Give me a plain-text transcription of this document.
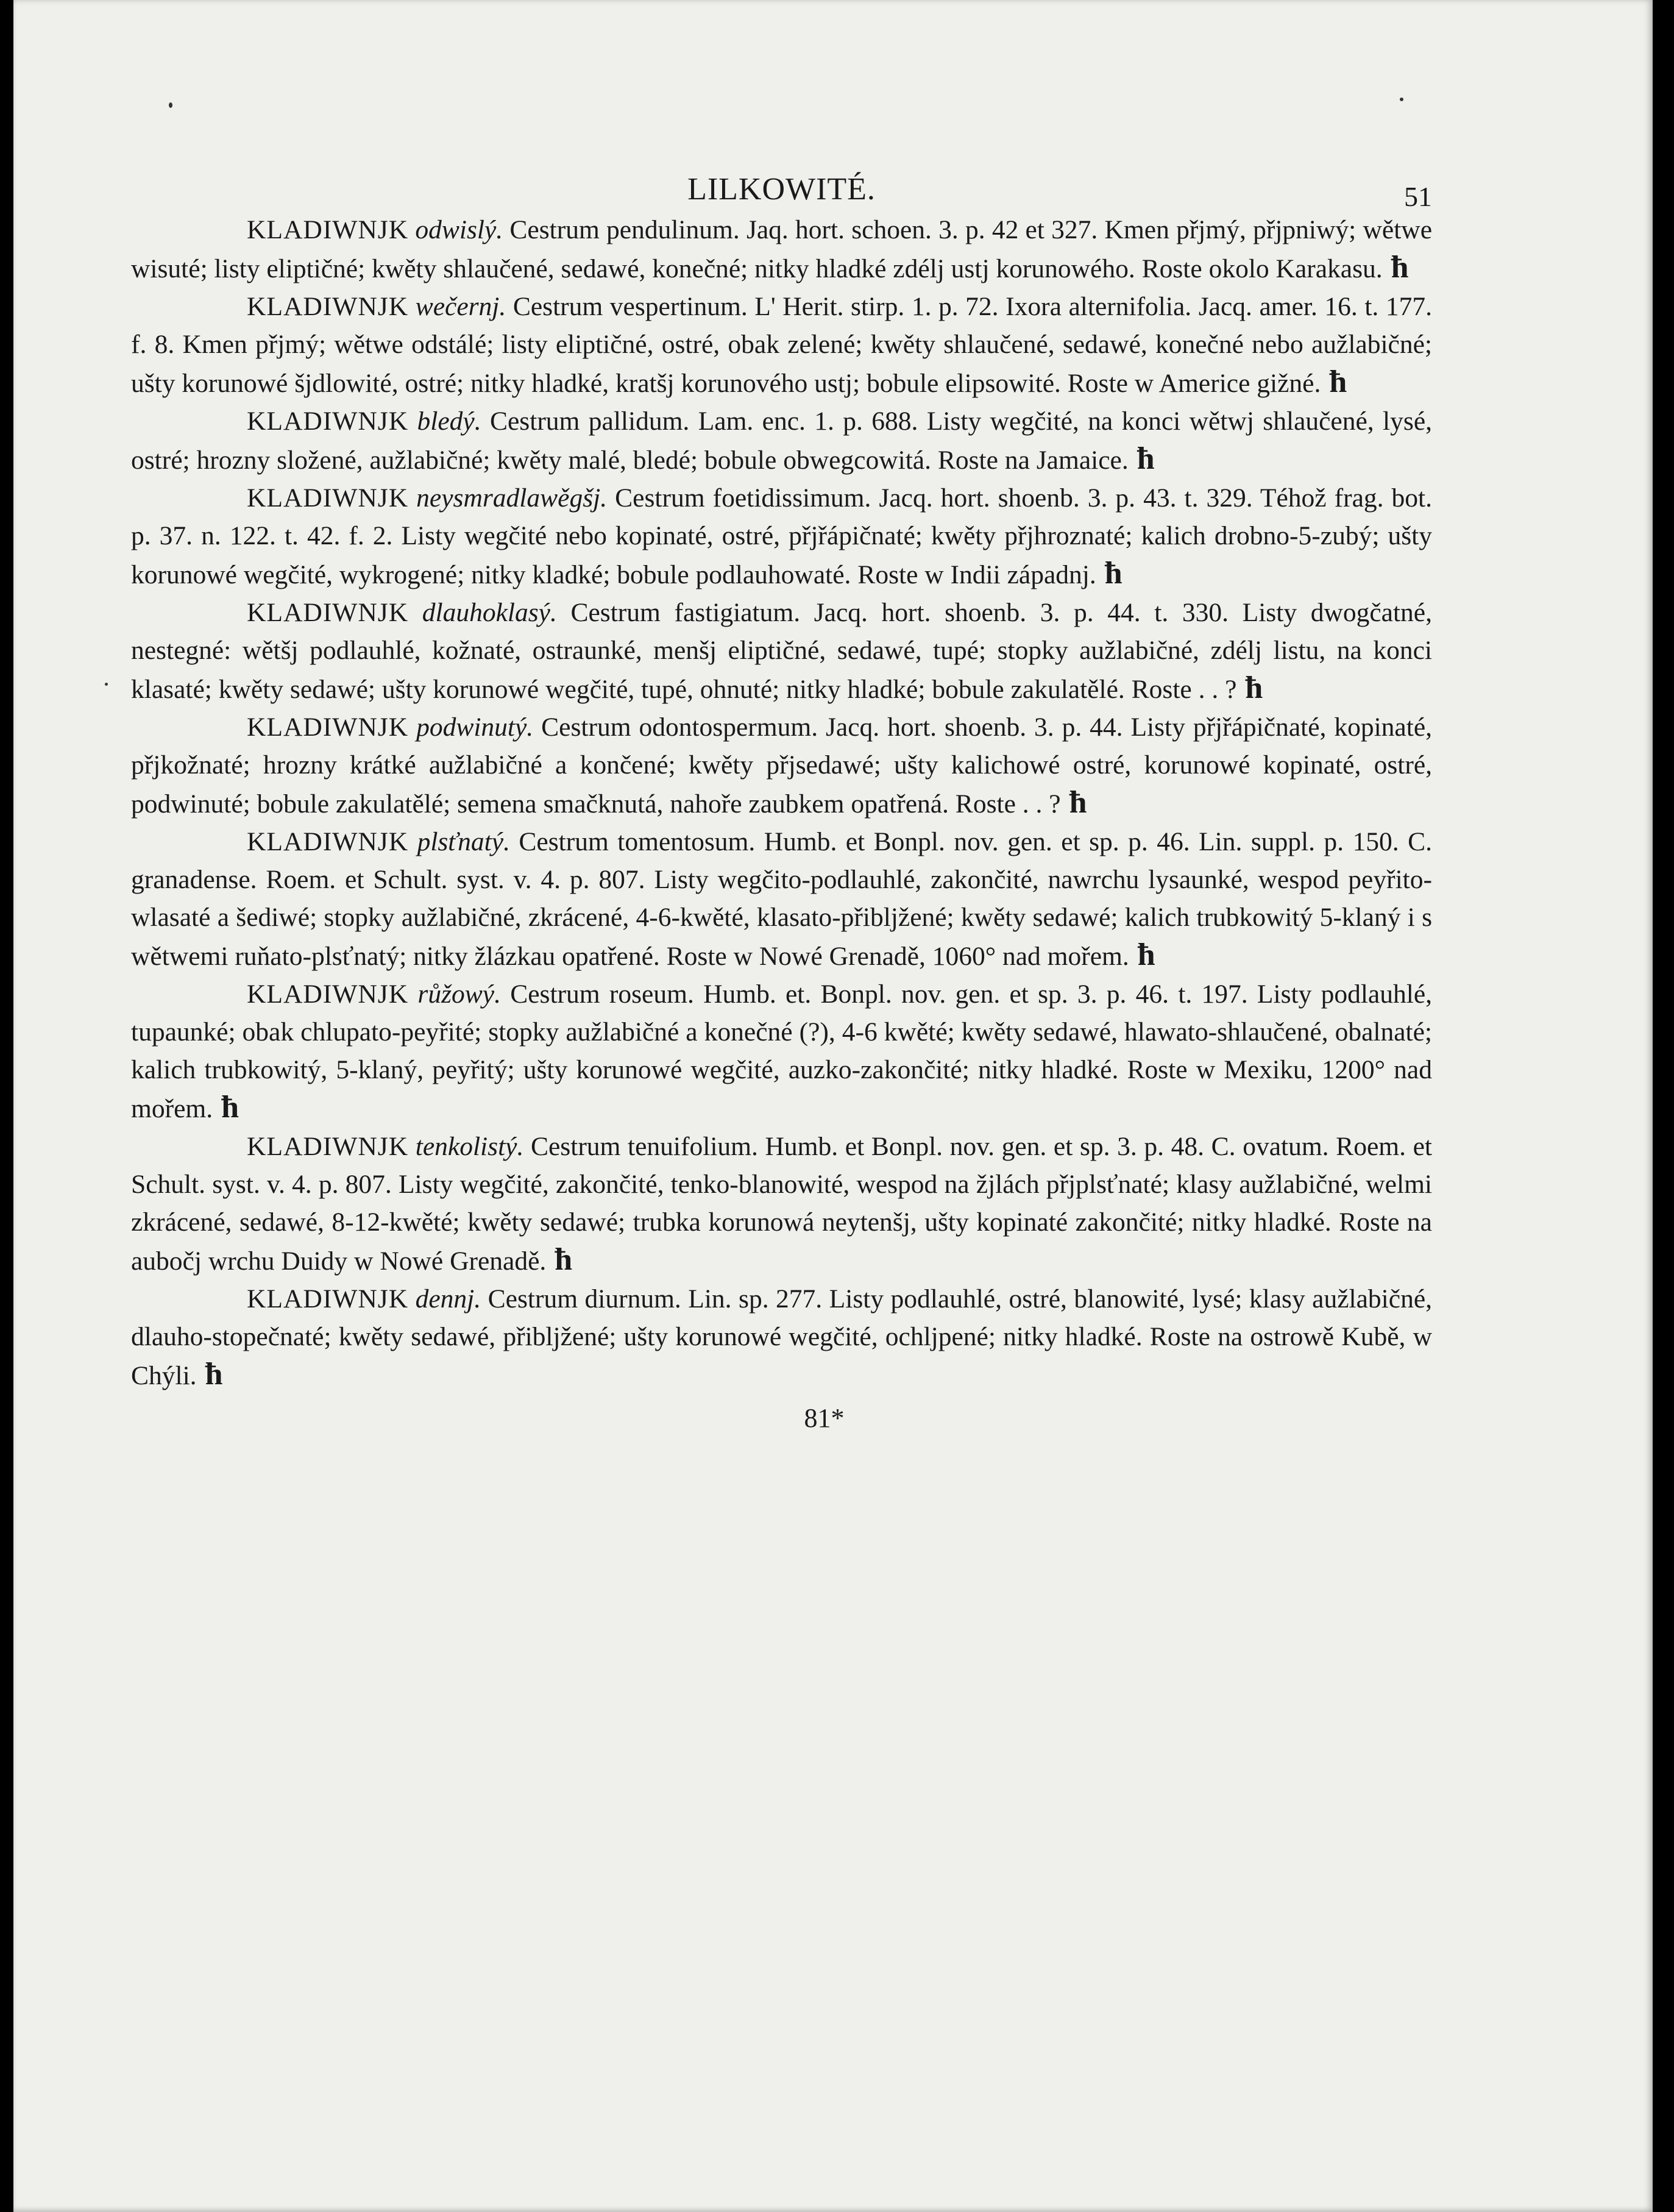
LILKOWITÉ.	51

KLADIWNJK odwislý. Cestrum pendulinum. Jaq. hort. schoen. 3. p. 42 et 327. Kmen přjmý, přjpniwý; wětwe wisuté; listy eliptičné; kwěty shlaučené, sedawé, konečné; nitky hladké zdélj ustj korunowého. Roste okolo Karakasu. ħ

KLADIWNJK wečernj. Cestrum vespertinum. L' Herit. stirp. 1. p. 72. Ixora alternifolia. Jacq. amer. 16. t. 177. f. 8. Kmen přjmý; wětwe odstálé; listy eliptičné, ostré, obak zelené; kwěty shlaučené, sedawé, konečné nebo aužlabičné; ušty korunowé šjdlowité, ostré; nitky hladké, kratšj korunového ustj; bobule elipsowité. Roste w Americe gižné. ħ

KLADIWNJK bledý. Cestrum pallidum. Lam. enc. 1. p. 688. Listy wegčité, na konci wětwj shlaučené, lysé, ostré; hrozny složené, aužlabičné; kwěty malé, bledé; bobule obwegcowitá. Roste na Jamaice. ħ

KLADIWNJK neysmradlawěgšj. Cestrum foetidissimum. Jacq. hort. shoenb. 3. p. 43. t. 329. Téhož frag. bot. p. 37. n. 122. t. 42. f. 2. Listy wegčité nebo kopinaté, ostré, přjřápičnaté; kwěty přjhroznaté; kalich drobno-5-zubý; ušty korunowé wegčité, wykrogené; nitky kladké; bobule podlauhowaté. Roste w Indii západnj. ħ

KLADIWNJK dlauhoklasý. Cestrum fastigiatum. Jacq. hort. shoenb. 3. p. 44. t. 330. Listy dwogčatné, nestegné: wětšj podlauhlé, kožnaté, ostraunké, menšj eliptičné, sedawé, tupé; stopky aužlabičné, zdélj listu, na konci klasaté; kwěty sedawé; ušty korunowé wegčité, tupé, ohnuté; nitky hladké; bobule zakulatělé. Roste . . ? ħ

KLADIWNJK podwinutý. Cestrum odontospermum. Jacq. hort. shoenb. 3. p. 44. Listy přjřápičnaté, kopinaté, přjkožnaté; hrozny krátké aužlabičné a končené; kwěty přjsedawé; ušty kalichowé ostré, korunowé kopinaté, ostré, podwinuté; bobule zakulatělé; semena smačknutá, nahoře zaubkem opatřená. Roste . . ? ħ

KLADIWNJK plsťnatý. Cestrum tomentosum. Humb. et Bonpl. nov. gen. et sp. p. 46. Lin. suppl. p. 150. C. granadense. Roem. et Schult. syst. v. 4. p. 807. Listy wegčito-podlauhlé, zakončité, nawrchu lysaunké, wespod peyřito-wlasaté a šediwé; stopky aužlabičné, zkrácené, 4-6-kwěté, klasato-přibljžené; kwěty sedawé; kalich trubkowitý 5-klaný i s wětwemi ruňato-plsťnatý; nitky žlázkau opatřené. Roste w Nowé Grenadě, 1060° nad mořem. ħ

KLADIWNJK růžowý. Cestrum roseum. Humb. et. Bonpl. nov. gen. et sp. 3. p. 46. t. 197. Listy podlauhlé, tupaunké; obak chlupato-peyřité; stopky aužlabičné a konečné (?), 4-6 kwěté; kwěty sedawé, hlawato-shlaučené, obalnaté; kalich trubkowitý, 5-klaný, peyřitý; ušty korunowé wegčité, auzko-zakončité; nitky hladké. Roste w Mexiku, 1200° nad mořem. ħ

KLADIWNJK tenkolistý. Cestrum tenuifolium. Humb. et Bonpl. nov. gen. et sp. 3. p. 48. C. ovatum. Roem. et Schult. syst. v. 4. p. 807. Listy wegčité, zakončité, tenko-blanowité, wespod na žjlách přjplsťnaté; klasy aužlabičné, welmi zkrácené, sedawé, 8-12-kwěté; kwěty sedawé; trubka korunowá neytenšj, ušty kopinaté zakončité; nitky hladké. Roste na aubočj wrchu Duidy w Nowé Grenadě. ħ

KLADIWNJK dennj. Cestrum diurnum. Lin. sp. 277. Listy podlauhlé, ostré, blanowité, lysé; klasy aužlabičné, dlauho-stopečnaté; kwěty sedawé, přibljžené; ušty korunowé wegčité, ochljpené; nitky hladké. Roste na ostrowě Kubě, w Chýli. ħ

81*
